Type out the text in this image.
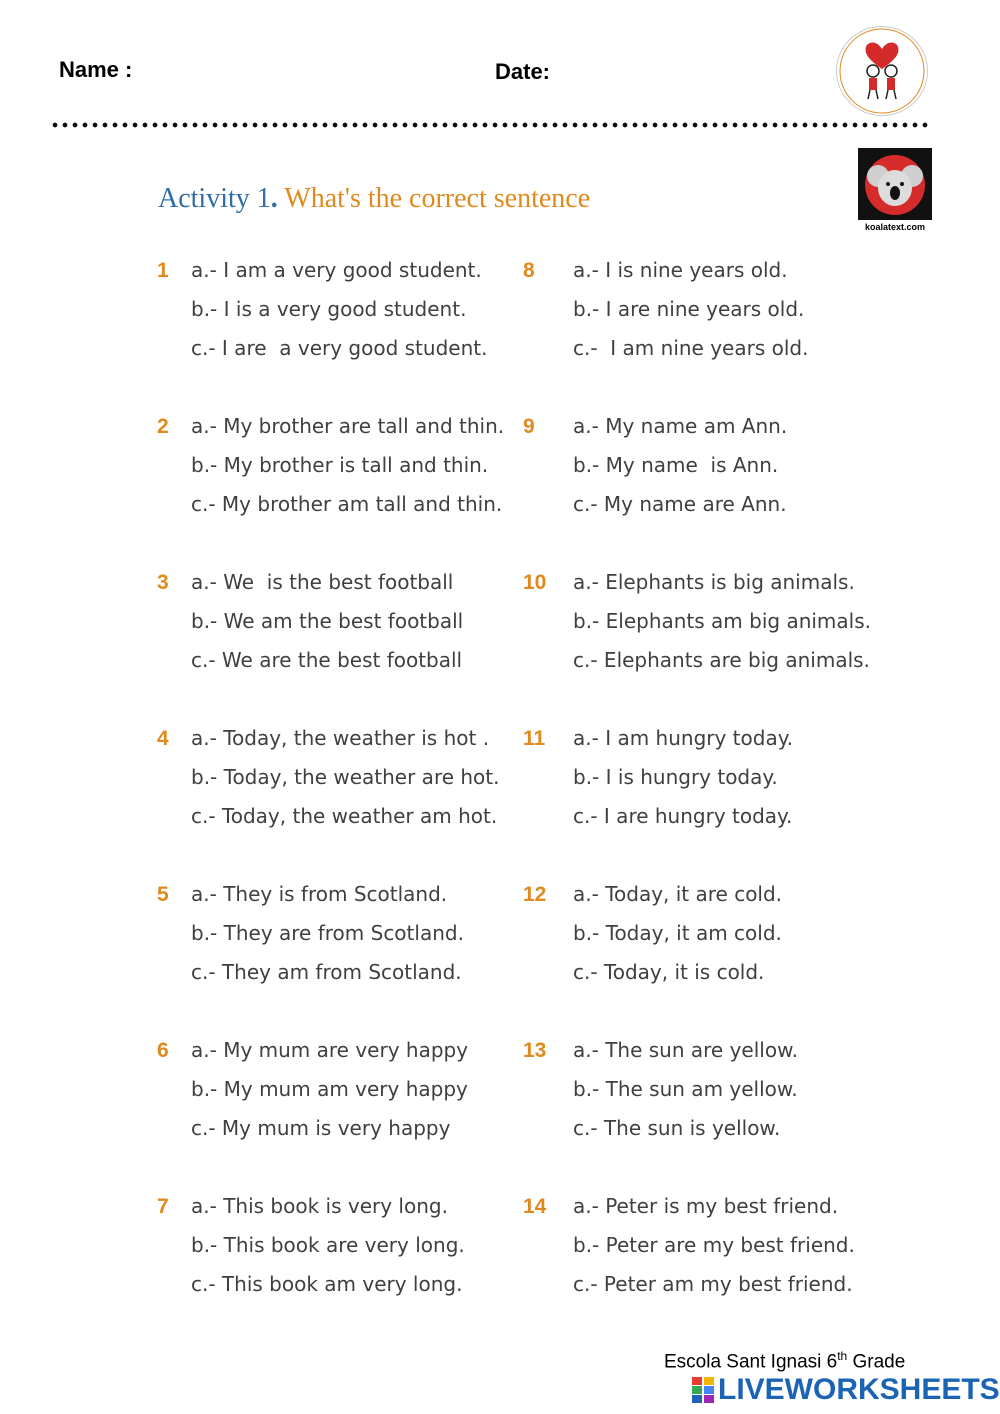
Name :	Date:
koalatext.com
Activity 1. What's the correct sentence
1 a.- I am a very good student.
b.- I is a very good student.
c.- I are  a very good student.
2 a.- My brother are tall and thin.
b.- My brother is tall and thin.
c.- My brother am tall and thin.
3 a.- We  is the best football
b.- We am the best football
c.- We are the best football
4 a.- Today, the weather is hot .
b.- Today, the weather are hot.
c.- Today, the weather am hot.
5 a.- They is from Scotland.
b.- They are from Scotland.
c.- They am from Scotland.
6 a.- My mum are very happy
b.- My mum am very happy
c.- My mum is very happy
7 a.- This book is very long.
b.- This book are very long.
c.- This book am very long.
8 a.- I is nine years old.
b.- I are nine years old.
c.-  I am nine years old.
9 a.- My name am Ann.
b.- My name  is Ann.
c.- My name are Ann.
10 a.- Elephants is big animals.
b.- Elephants am big animals.
c.- Elephants are big animals.
11 a.- I am hungry today.
b.- I is hungry today.
c.- I are hungry today.
12 a.- Today, it are cold.
b.- Today, it am cold.
c.- Today, it is cold.
13 a.- The sun are yellow.
b.- The sun am yellow.
c.- The sun is yellow.
14 a.- Peter is my best friend.
b.- Peter are my best friend.
c.- Peter am my best friend.
Escola Sant Ignasi 6th Grade
LIVEWORKSHEETS
